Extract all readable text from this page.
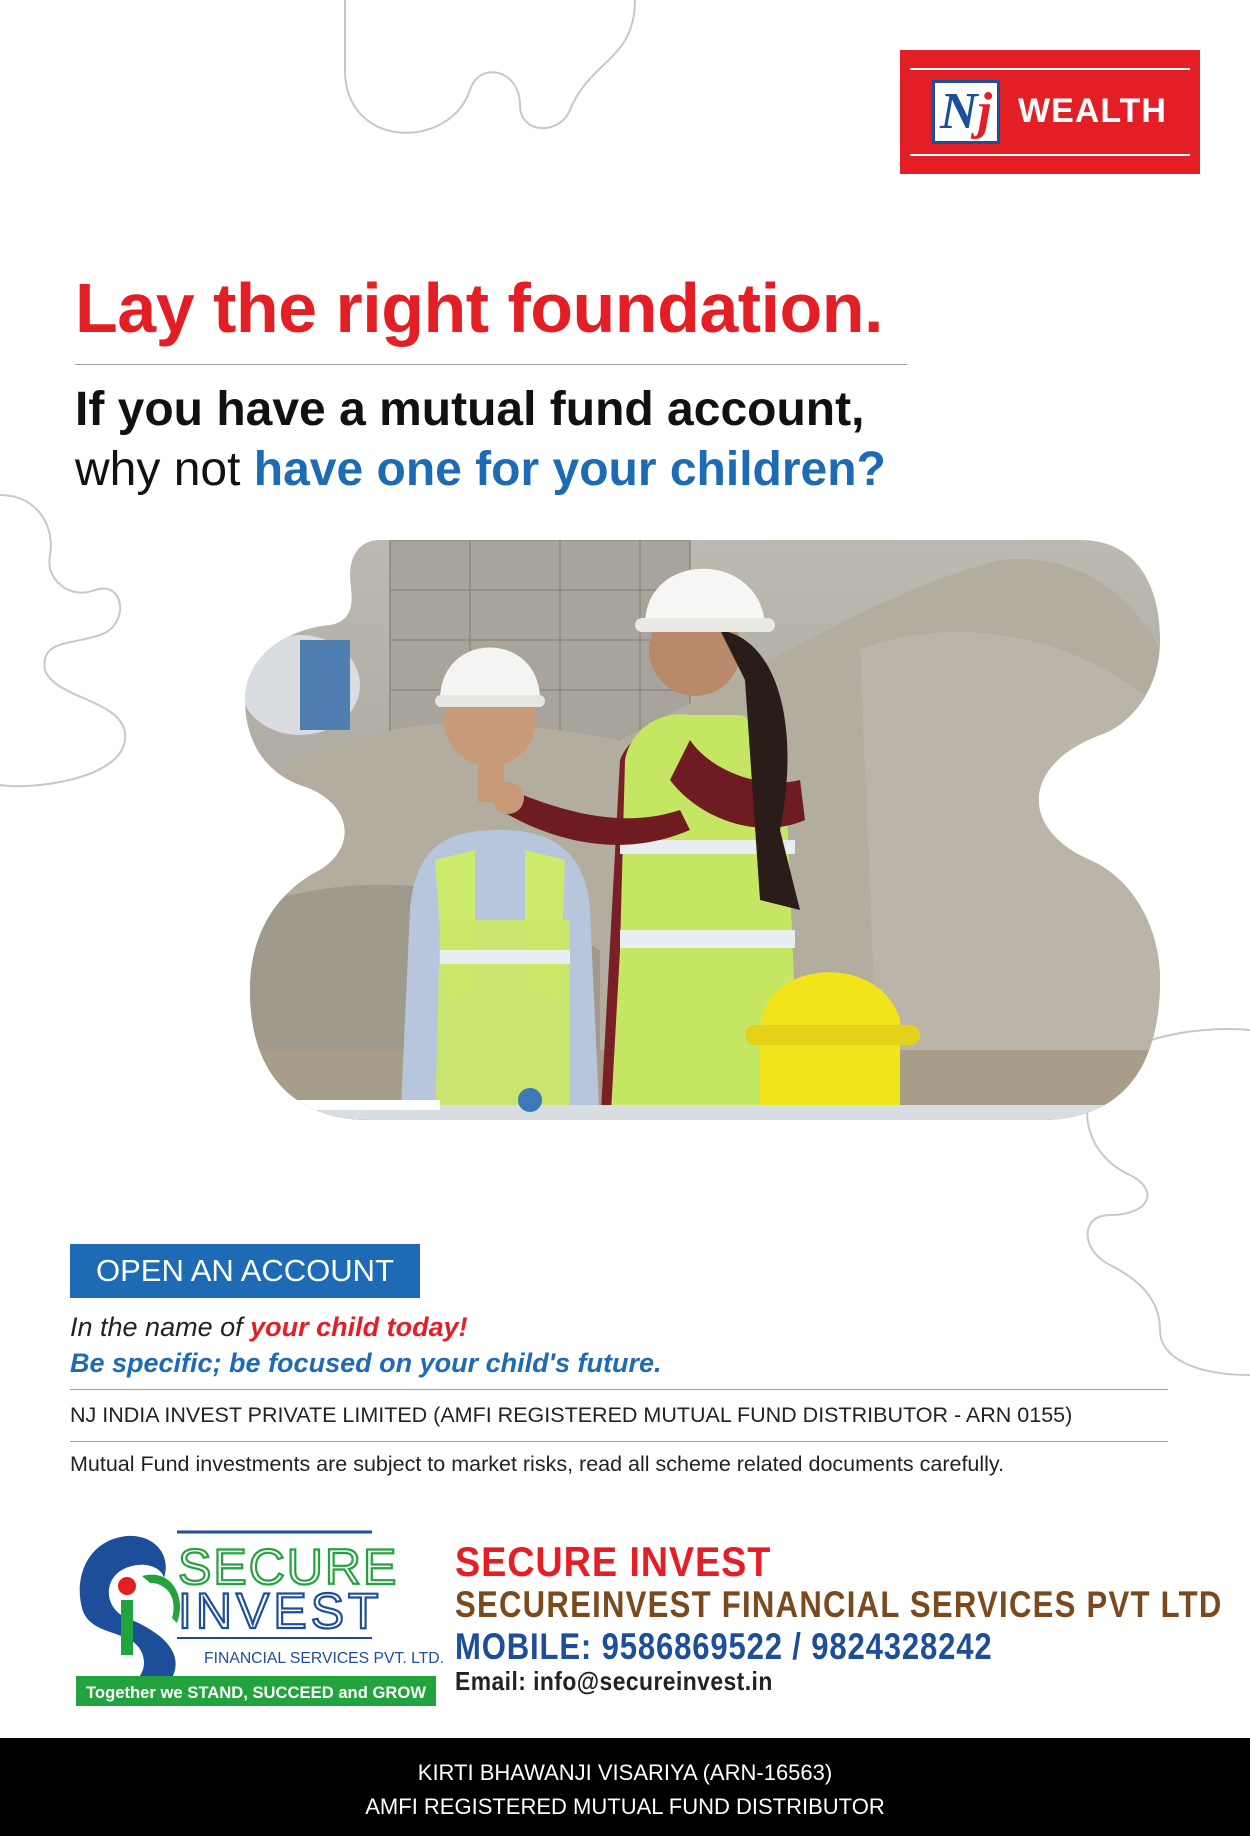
Nj WEALTH
Lay the right foundation.
If you have a mutual fund account,
why not have one for your children?
OPEN AN ACCOUNT
In the name of your child today!
Be specific; be focused on your child's future.
NJ INDIA INVEST PRIVATE LIMITED (AMFI REGISTERED MUTUAL FUND DISTRIBUTOR - ARN 0155)
Mutual Fund investments are subject to market risks, read all scheme related documents carefully.
SECURE
INVEST
FINANCIAL SERVICES PVT. LTD.
Together we STAND, SUCCEED and GROW
SECURE INVEST
SECUREINVEST FINANCIAL SERVICES PVT LTD
MOBILE: 9586869522 / 9824328242
Email: info@secureinvest.in
KIRTI BHAWANJI VISARIYA (ARN-16563)
AMFI REGISTERED MUTUAL FUND DISTRIBUTOR
